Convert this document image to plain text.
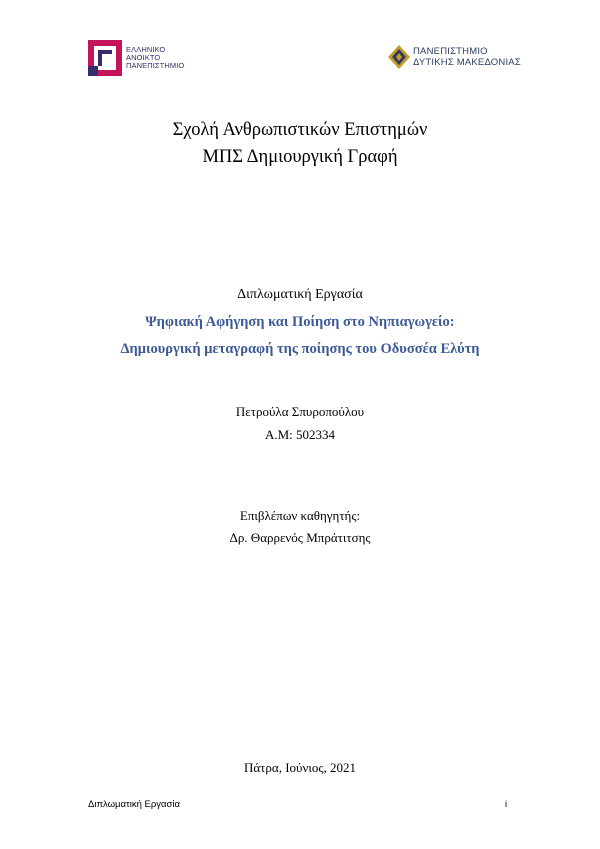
ΕΛΛΗΝΙΚΟ
ΑΝΟΙΚΤΟ
ΠΑΝΕΠΙΣΤΗΜΙΟ
ΠΑΝΕΠΙΣΤΗΜΙΟ
ΔΥΤΙΚΗΣ ΜΑΚΕΔΟΝΙΑΣ
Σχολή Ανθρωπιστικών Επιστημών
ΜΠΣ Δημιουργική Γραφή
Διπλωματική Εργασία
Ψηφιακή Αφήγηση και Ποίηση στο Νηπιαγωγείο:
Δημιουργική μεταγραφή της ποίησης του Οδυσσέα Ελύτη
Πετρούλα Σπυροπούλου
Α.Μ: 502334
Επιβλέπων καθηγητής:
Δρ. Θαρρενός Μπράτιτσης
Πάτρα, Ιούνιος, 2021
Διπλωματική Εργασία	i
